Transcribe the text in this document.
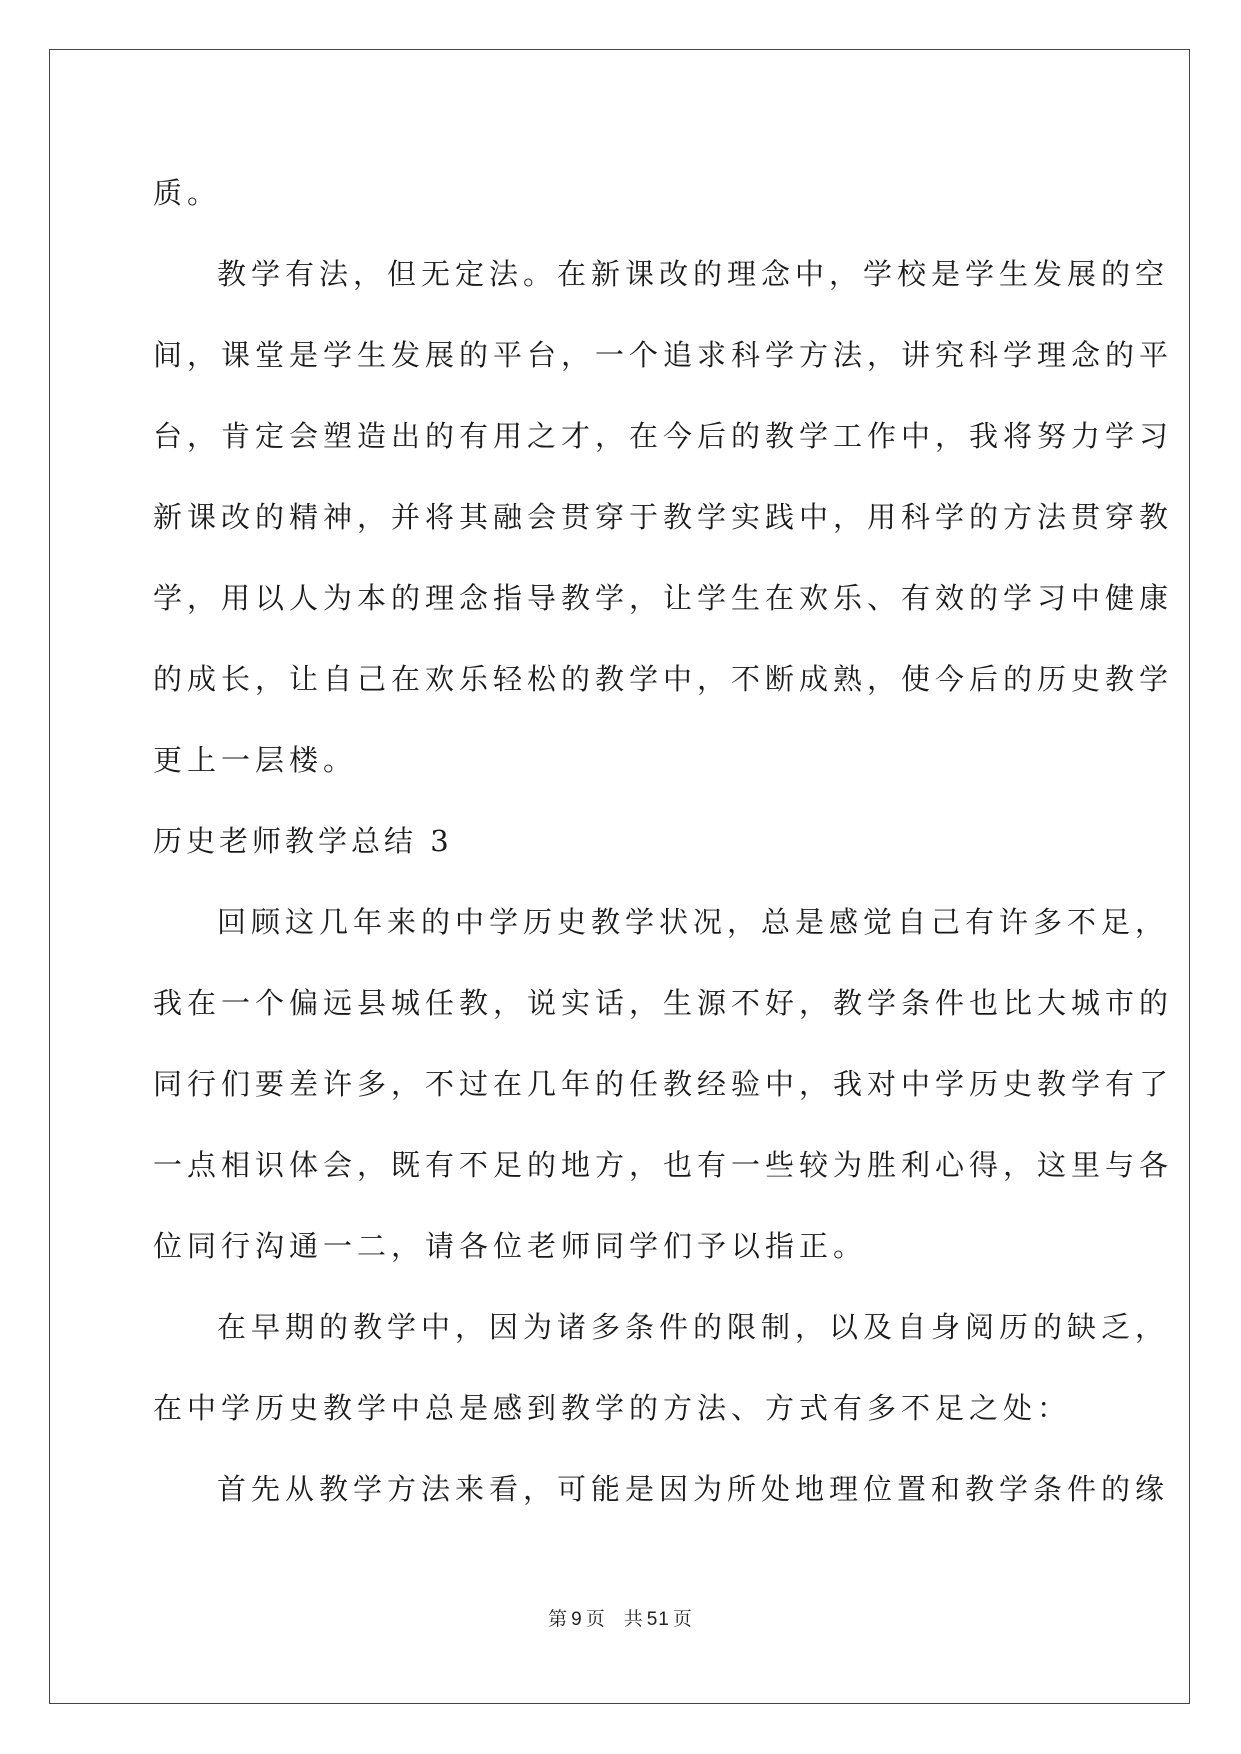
质。

教学有法，但无定法。在新课改的理念中，学校是学生发展的空

间，课堂是学生发展的平台，一个追求科学方法，讲究科学理念的平

台，肯定会塑造出的有用之才，在今后的教学工作中，我将努力学习

新课改的精神，并将其融会贯穿于教学实践中，用科学的方法贯穿教

学，用以人为本的理念指导教学，让学生在欢乐、有效的学习中健康

的成长，让自己在欢乐轻松的教学中，不断成熟，使今后的历史教学

更上一层楼。

历史老师教学总结 3

回顾这几年来的中学历史教学状况，总是感觉自己有许多不足，

我在一个偏远县城任教，说实话，生源不好，教学条件也比大城市的

同行们要差许多，不过在几年的任教经验中，我对中学历史教学有了

一点相识体会，既有不足的地方，也有一些较为胜利心得，这里与各

位同行沟通一二，请各位老师同学们予以指正。

在早期的教学中，因为诸多条件的限制，以及自身阅历的缺乏，

在中学历史教学中总是感到教学的方法、方式有多不足之处：

首先从教学方法来看，可能是因为所处地理位置和教学条件的缘

第 9 页 共 51 页
